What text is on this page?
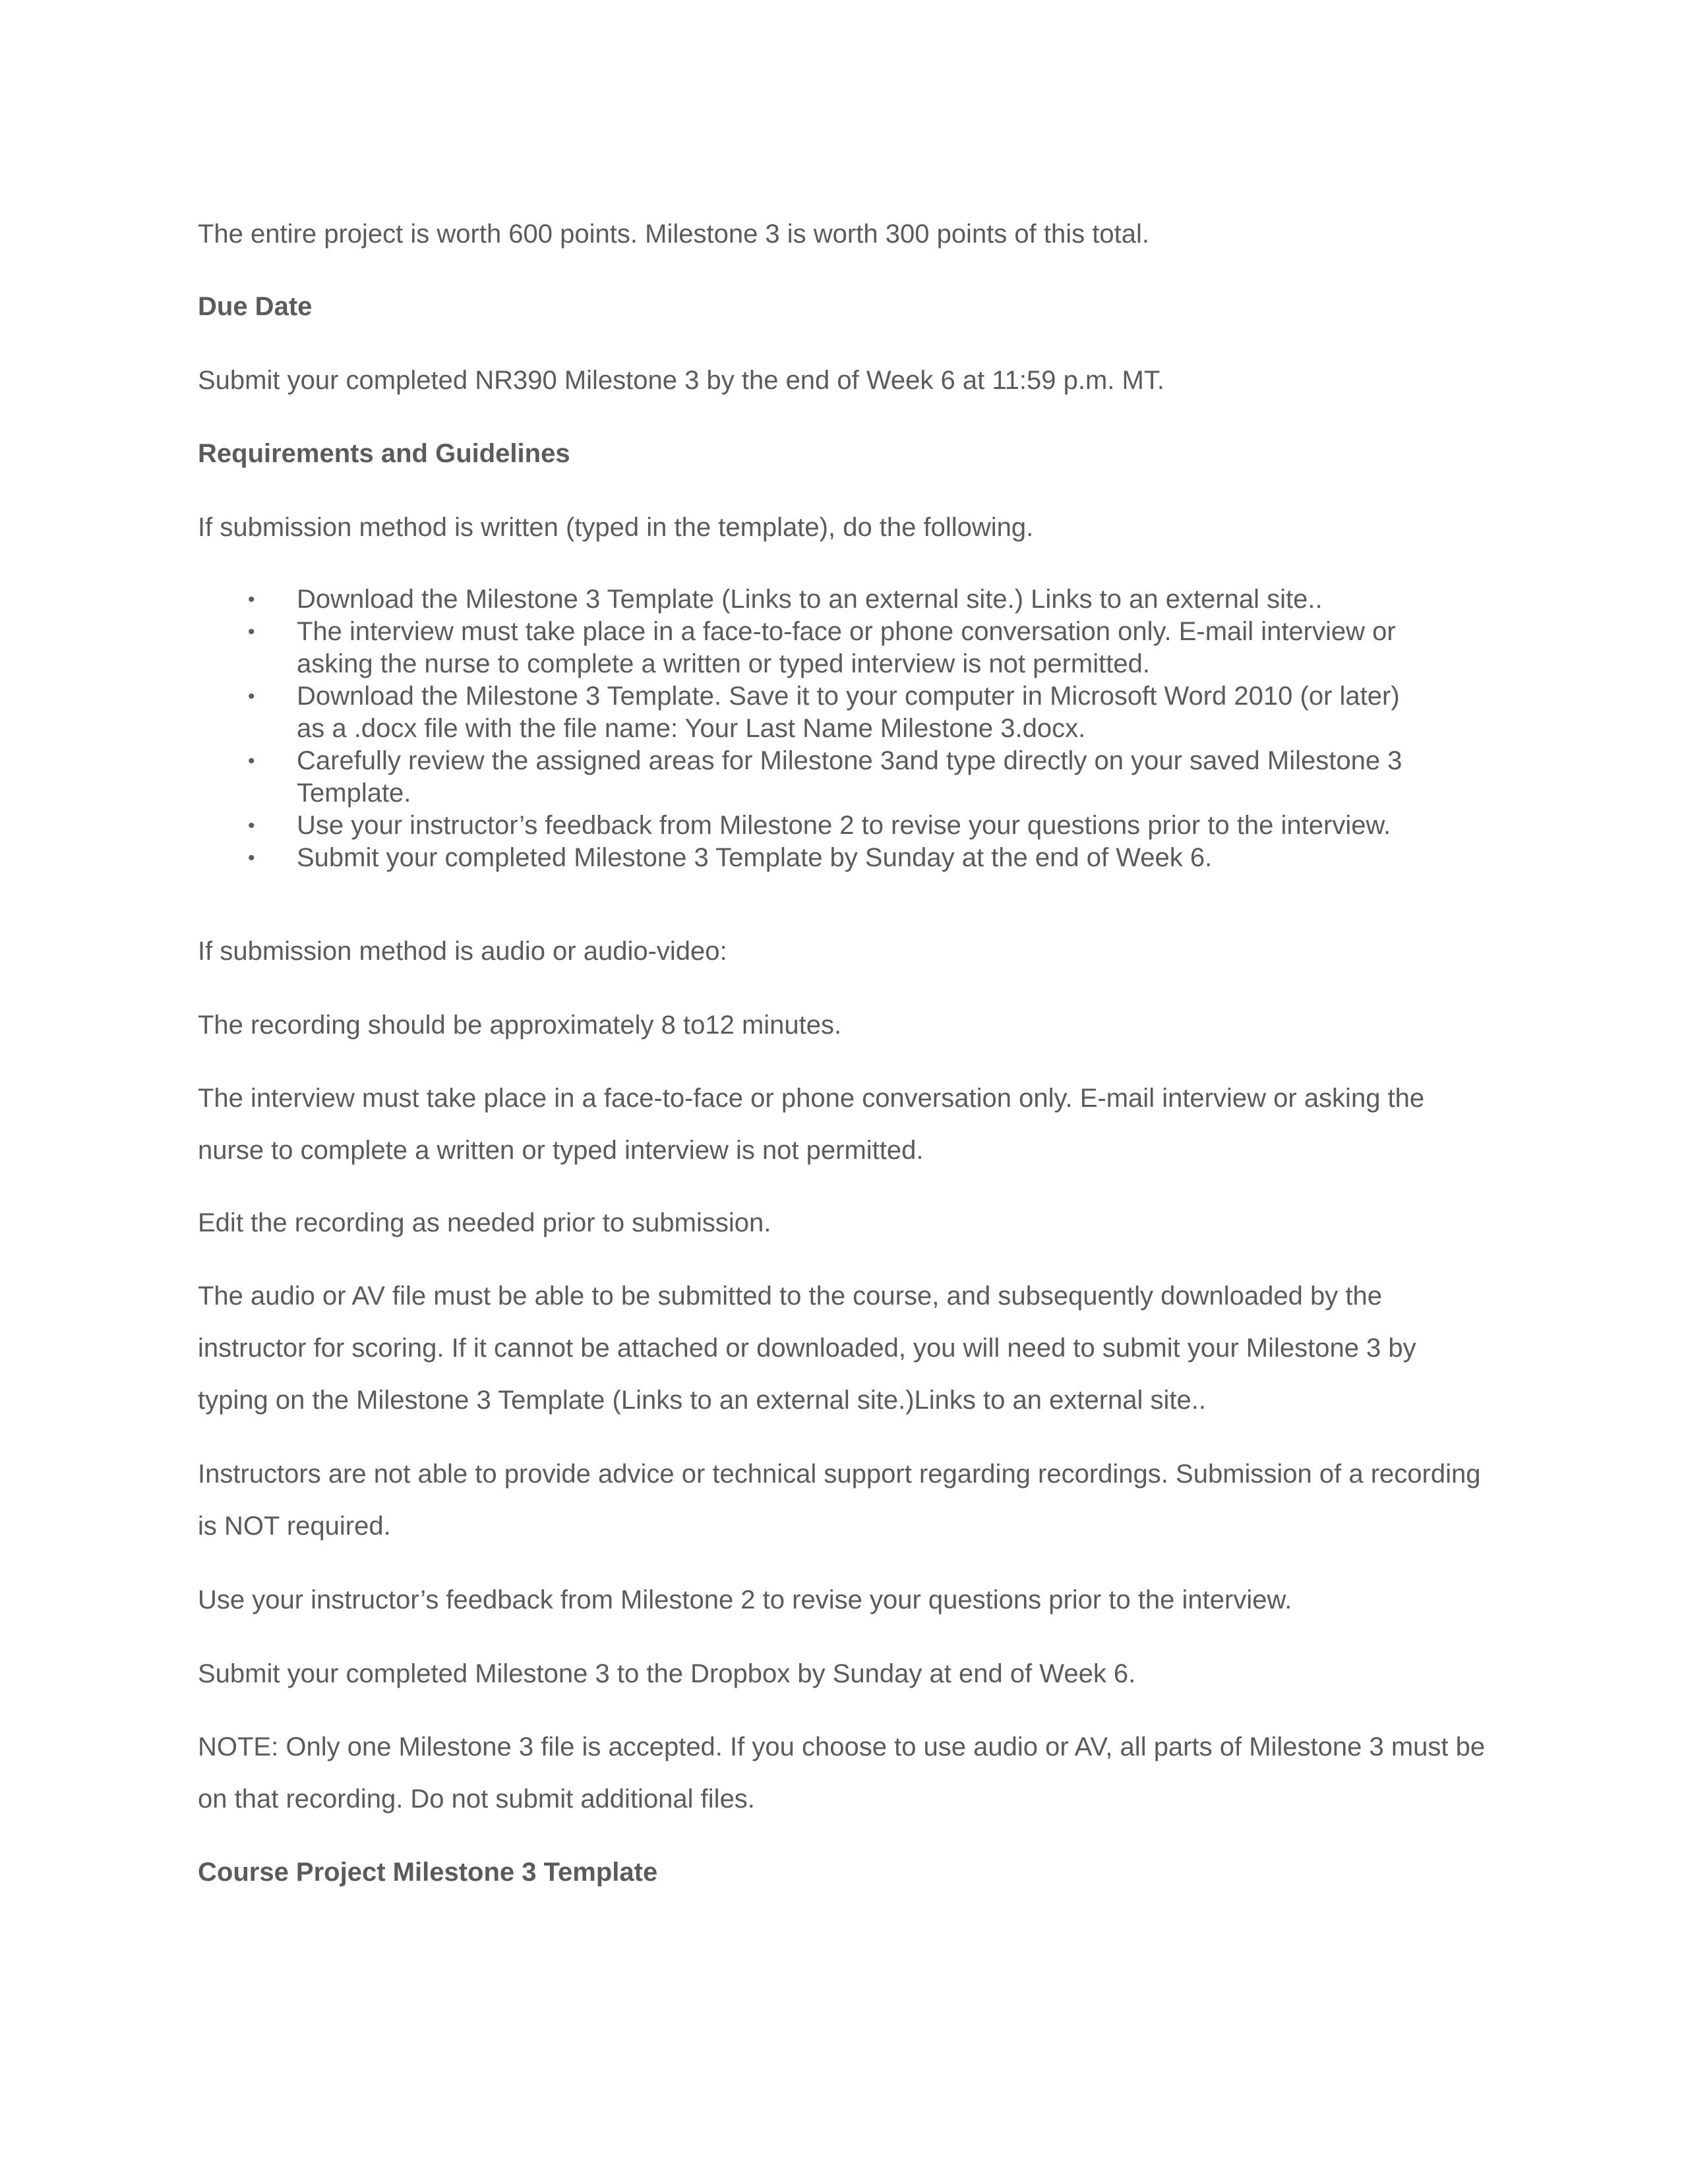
The entire project is worth 600 points. Milestone 3 is worth 300 points of this total.

Due Date

Submit your completed NR390 Milestone 3 by the end of Week 6 at 11:59 p.m. MT.

Requirements and Guidelines

If submission method is written (typed in the template), do the following.

• Download the Milestone 3 Template (Links to an external site.) Links to an external site..
• The interview must take place in a face-to-face or phone conversation only. E-mail interview or
asking the nurse to complete a written or typed interview is not permitted.
• Download the Milestone 3 Template. Save it to your computer in Microsoft Word 2010 (or later)
as a .docx file with the file name: Your Last Name Milestone 3.docx.
• Carefully review the assigned areas for Milestone 3and type directly on your saved Milestone 3
Template.
• Use your instructor’s feedback from Milestone 2 to revise your questions prior to the interview.
• Submit your completed Milestone 3 Template by Sunday at the end of Week 6.

If submission method is audio or audio-video:

The recording should be approximately 8 to12 minutes.

The interview must take place in a face-to-face or phone conversation only. E-mail interview or asking the nurse to complete a written or typed interview is not permitted.

Edit the recording as needed prior to submission.

The audio or AV file must be able to be submitted to the course, and subsequently downloaded by the instructor for scoring. If it cannot be attached or downloaded, you will need to submit your Milestone 3 by typing on the Milestone 3 Template (Links to an external site.)Links to an external site..

Instructors are not able to provide advice or technical support regarding recordings. Submission of a recording is NOT required.

Use your instructor’s feedback from Milestone 2 to revise your questions prior to the interview.

Submit your completed Milestone 3 to the Dropbox by Sunday at end of Week 6.

NOTE: Only one Milestone 3 file is accepted. If you choose to use audio or AV, all parts of Milestone 3 must be on that recording. Do not submit additional files.

Course Project Milestone 3 Template
